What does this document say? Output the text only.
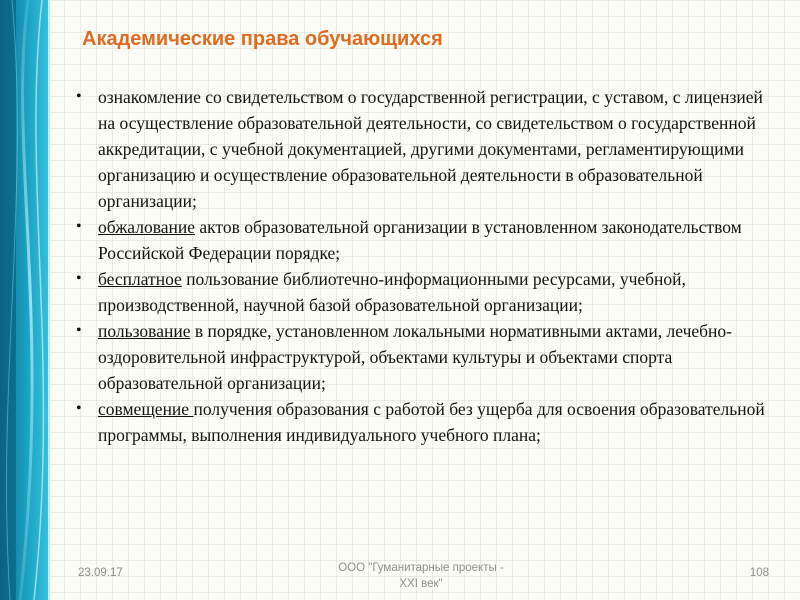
Академические права обучающихся
• ознакомление со свидетельством о государственной регистрации, с уставом, с лицензией на осуществление образовательной деятельности, со свидетельством о государственной аккредитации, с учебной документацией, другими документами, регламентирующими организацию и осуществление образовательной деятельности в образовательной организации;
• обжалование актов образовательной организации в установленном законодательством Российской Федерации порядке;
• бесплатное пользование библиотечно-информационными ресурсами, учебной, производственной, научной базой образовательной организации;
• пользование в порядке, установленном локальными нормативными актами, лечебно-оздоровительной инфраструктурой, объектами культуры и объектами спорта образовательной организации;
• совмещение получения образования с работой без ущерба для освоения образовательной программы, выполнения индивидуального учебного плана;
23.09.17	ООО "Гуманитарные проекты -
XXI век"
108
